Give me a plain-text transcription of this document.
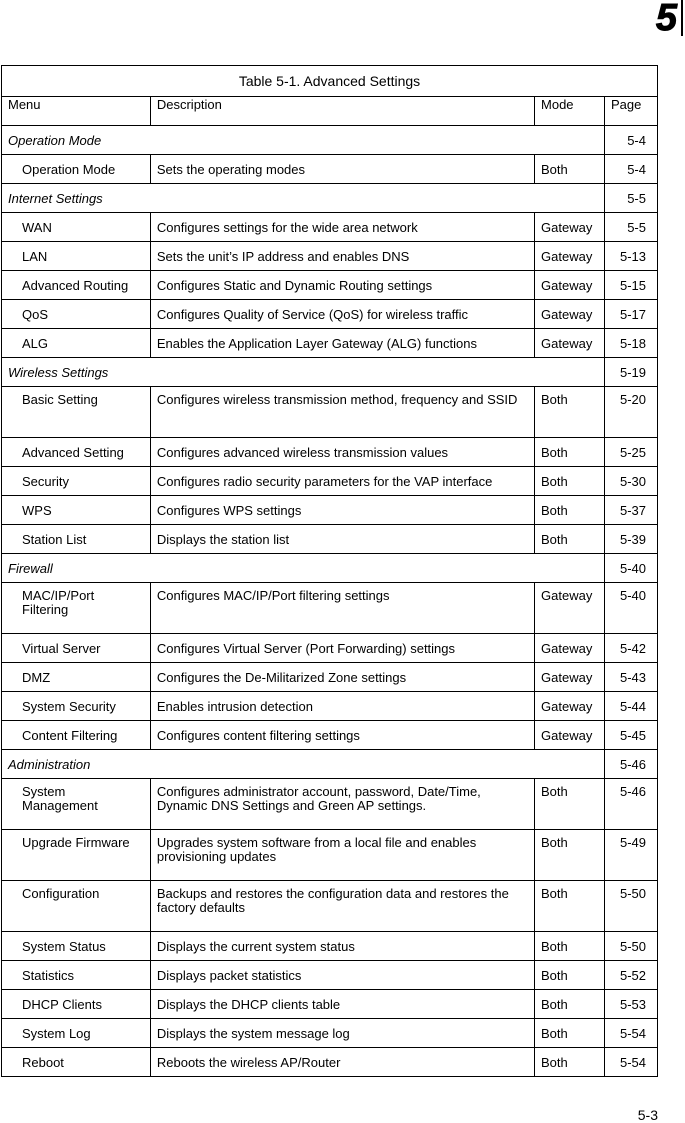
5
Table 5-1. Advanced Settings			
Menu	Description	Mode	Page
Operation Mode			5-4
Operation Mode	Sets the operating modes	Both	5-4
Internet Settings			5-5
WAN	Configures settings for the wide area network	Gateway	5-5
LAN	Sets the unit’s IP address and enables DNS	Gateway	5-13
Advanced Routing	Configures Static and Dynamic Routing settings	Gateway	5-15
QoS	Configures Quality of Service (QoS) for wireless traffic	Gateway	5-17
ALG	Enables the Application Layer Gateway (ALG) functions	Gateway	5-18
Wireless Settings			5-19
Basic Setting	Configures wireless transmission method, frequency and SSID	Both	5-20
Advanced Setting	Configures advanced wireless transmission values	Both	5-25
Security	Configures radio security parameters for the VAP interface	Both	5-30
WPS	Configures WPS settings	Both	5-37
Station List	Displays the station list	Both	5-39
Firewall			5-40
MAC/IP/Port Filtering	Configures MAC/IP/Port filtering settings	Gateway	5-40
Virtual Server	Configures Virtual Server (Port Forwarding) settings	Gateway	5-42
DMZ	Configures the De-Militarized Zone settings	Gateway	5-43
System Security	Enables intrusion detection	Gateway	5-44
Content Filtering	Configures content filtering settings	Gateway	5-45
Administration			5-46
System Management	Configures administrator account, password, Date/Time, Dynamic DNS Settings and Green AP settings.	Both	5-46
Upgrade Firmware	Upgrades system software from a local file and enables provisioning updates	Both	5-49
Configuration	Backups and restores the configuration data and restores the factory defaults	Both	5-50
System Status	Displays the current system status	Both	5-50
Statistics	Displays packet statistics	Both	5-52
DHCP Clients	Displays the DHCP clients table	Both	5-53
System Log	Displays the system message log	Both	5-54
Reboot	Reboots the wireless AP/Router	Both	5-54
5-3
